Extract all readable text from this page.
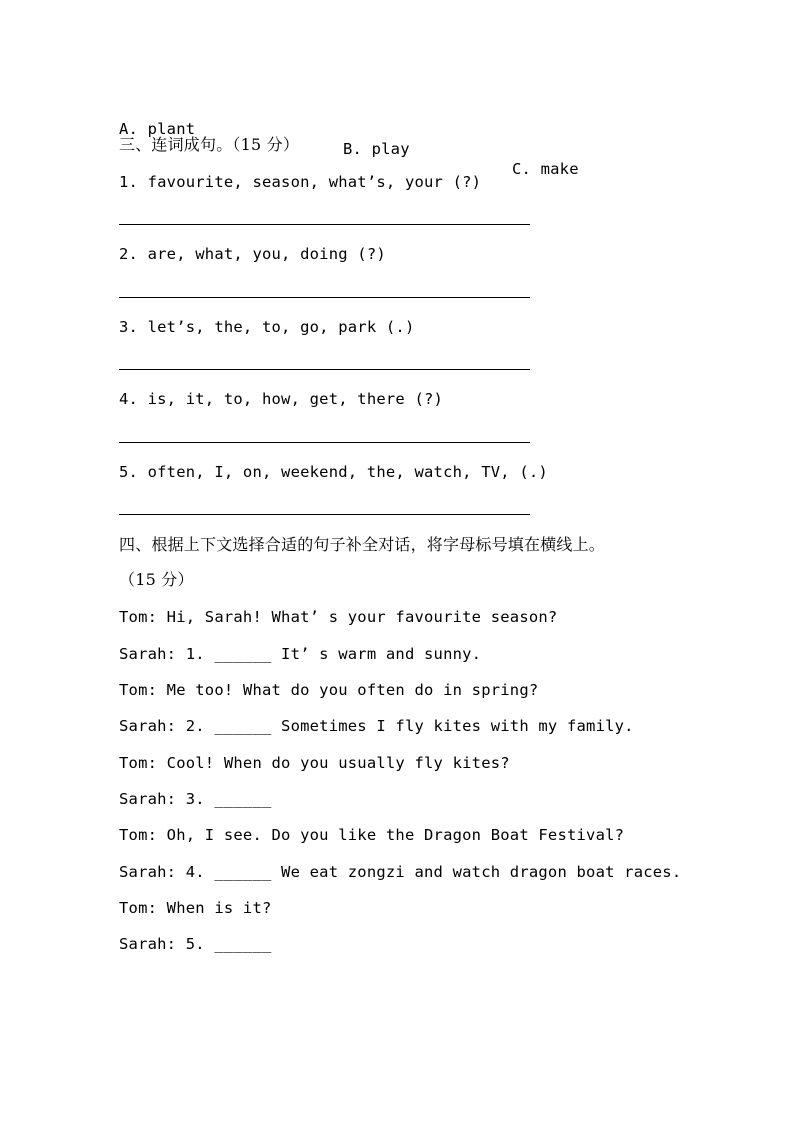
A. plant

B. play

C. make

三、连词成句。（15 分）
1. favourite, season, what’s, your (?)
2. are, what, you, doing (?)
3. let’s, the, to, go, park (.)
4. is, it, to, how, get, there (?)
5. often, I, on, weekend, the, watch, TV, (.)
四、根据上下文选择合适的句子补全对话，将字母标号填在横线上。
（15 分）
Tom: Hi, Sarah! What’ s your favourite season?
Sarah: 1. ______ It’ s warm and sunny.
Tom: Me too! What do you often do in spring?
Sarah: 2. ______ Sometimes I fly kites with my family.
Tom: Cool! When do you usually fly kites?
Sarah: 3. ______
Tom: Oh, I see. Do you like the Dragon Boat Festival?
Sarah: 4. ______ We eat zongzi and watch dragon boat races.
Tom: When is it?
Sarah: 5. ______
